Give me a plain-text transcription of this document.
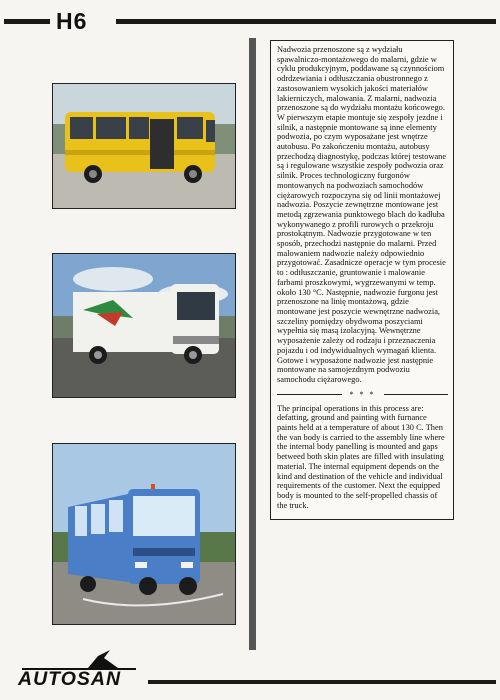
H6

Nadwozia przenoszone są z wydziału spawalniczo-montażowego do malarni, gdzie w cyklu produkcyjnym, poddawane są czynnościom odrdzewiania i odtłuszczania obustronnego z zastosowaniem wysokich jakości materiałów lakierniczych, malowania. Z malarni, nadwozia przenoszone są do wydziału montażu końcowego. W pierwszym etapie montuje się zespoły jezdne i silnik, a następnie montowane są inne elementy podwozia, po czym wyposażane jest wnętrze autobusu. Po zakończeniu montażu, autobusy przechodzą diagnostykę, podczas której testowane są i regulowane wszystkie zespoły podwozia oraz silnik. Proces technologiczny furgonów montowanych na podwoziach samochodów ciężarowych rozpoczyna się od linii montażowej nadwozia. Poszycie zewnętrzne montowane jest metodą zgrzewania punktowego blach do kadłuba wykonywanego z profili rurowych o przekroju prostokątnym. Nadwozie przygotowane w ten sposób, przechodzi następnie do malarni. Przed malowaniem nadwozie należy odpowiednio przygotować. Zasadnicze operacje w tym procesie to : odtłuszczanie, gruntowanie i malowanie farbami proszkowymi, wygrzewanymi w temp. około 130 °C. Następnie, nadwozie furgonu jest przenoszone na linię montażową, gdzie montowane jest poszycie wewnętrzne nadwozia, szczeliny pomiędzy obydwoma poszyciami wypełnia się masą izolacyjną. Wewnętrzne wyposażenie zależy od rodzaju i przeznaczenia pojazdu i od indywidualnych wymagań klienta. Gotowe i wyposażone nadwozie jest następnie montowane na samojezdnym podwoziu samochodu ciężarowego.

* * *

The principal operations in this process are: defatting, ground and painting with furnance paints held at a temperature of about 130 C. Then the van body is carried to the assembly line where the internal body panelling is mounted and gaps betweed both skin plates are filled with insulating material. The internal equipment depends on the kind and destination of the vehicle and individual requirements of the customer. Next the equipped body is mounted to the self-propelled chassis of the truck.

AUTOSAN
